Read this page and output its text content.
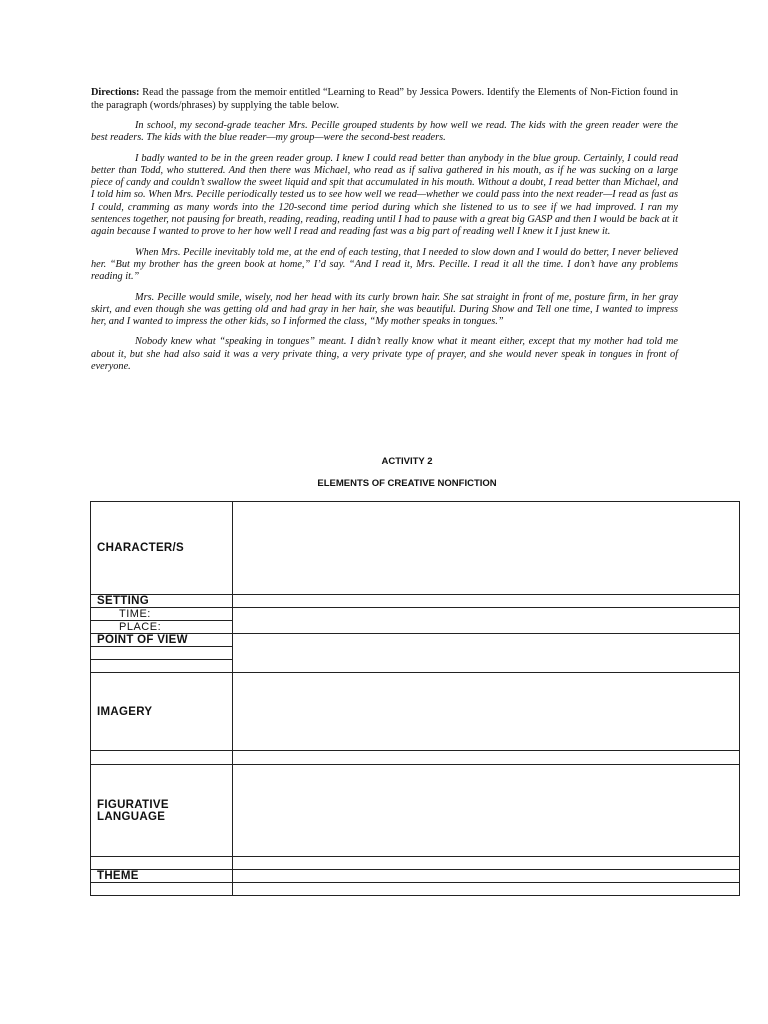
Directions: Read the passage from the memoir entitled “Learning to Read” by Jessica Powers. Identify the Elements of Non-Fiction found in the paragraph (words/phrases) by supplying the table below.

In school, my second-grade teacher Mrs. Pecille grouped students by how well we read. The kids with the green reader were the best readers. The kids with the blue reader—my group—were the second-best readers.

I badly wanted to be in the green reader group. I knew I could read better than anybody in the blue group. Certainly, I could read better than Todd, who stuttered. And then there was Michael, who read as if saliva gathered in his mouth, as if he was sucking on a large piece of candy and couldn’t swallow the sweet liquid and spit that accumulated in his mouth. Without a doubt, I read better than Michael, and I told him so. When Mrs. Pecille periodically tested us to see how well we read—whether we could pass into the next reader—I read as fast as I could, cramming as many words into the 120-second time period during which she listened to us to see if we had improved. I ran my sentences together, not pausing for breath, reading, reading, reading until I had to pause with a great big GASP and then I would be back at it again because I wanted to prove to her how well I read and reading fast was a big part of reading well I knew it I just knew it.

When Mrs. Pecille inevitably told me, at the end of each testing, that I needed to slow down and I would do better, I never believed her. “But my brother has the green book at home,” I’d say. “And I read it, Mrs. Pecille. I read it all the time. I don’t have any problems reading it.”

Mrs. Pecille would smile, wisely, nod her head with its curly brown hair. She sat straight in front of me, posture firm, in her gray skirt, and even though she was getting old and had gray in her hair, she was beautiful. During Show and Tell one time, I wanted to impress her, and I wanted to impress the other kids, so I informed the class, “My mother speaks in tongues.”

Nobody knew what “speaking in tongues” meant. I didn’t really know what it meant either, except that my mother had told me about it, but she had also said it was a very private thing, a very private type of prayer, and she would never speak in tongues in front of everyone.

ACTIVITY 2
ELEMENTS OF CREATIVE NONFICTION
CHARACTER/S	
SETTING	
TIME:	
PLACE:	
POINT OF VIEW	

IMAGERY	

FIGURATIVE
LANGUAGE	

THEME	
